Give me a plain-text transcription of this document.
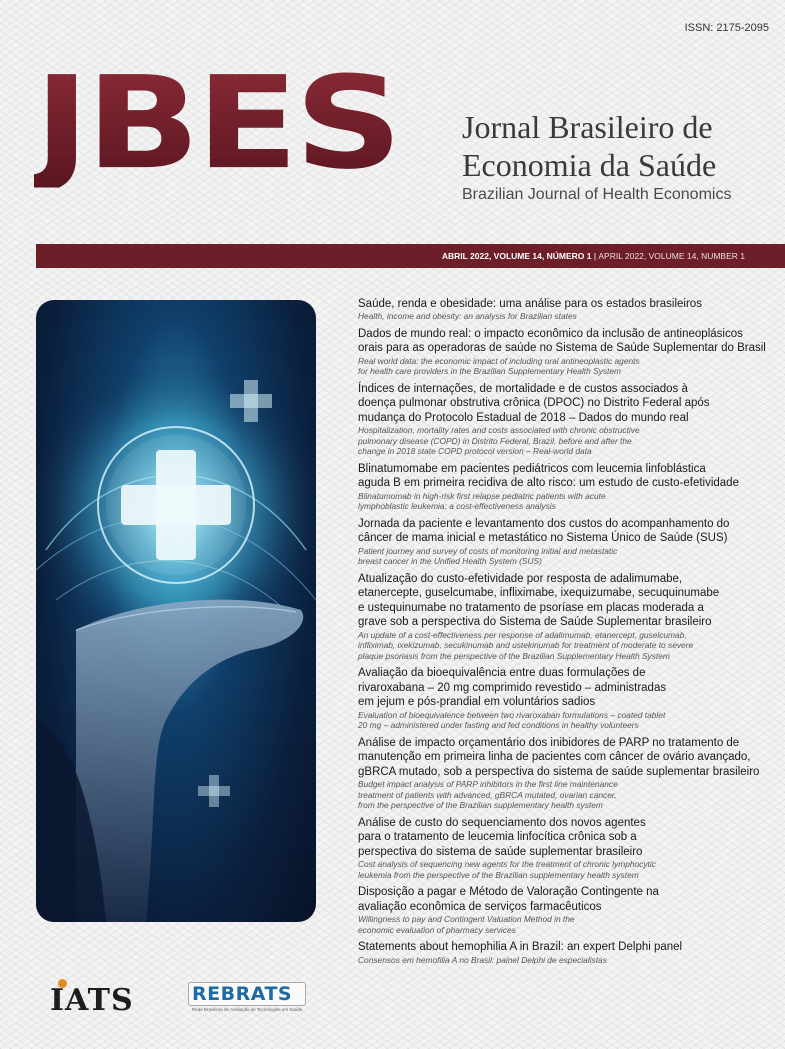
ISSN: 2175-2095
JBES Jornal Brasileiro de
Economia da Saúde
Brazilian Journal of Health Economics
ABRIL 2022, VOLUME 14, NÚMERO 1 | APRIL 2022, VOLUME 14, NUMBER 1
Saúde, renda e obesidade: uma análise para os estados brasileiros
Health, income and obesity: an analysis for Brazilian states
Dados de mundo real: o impacto econômico da inclusão de antineoplásicos
orais para as operadoras de saúde no Sistema de Saúde Suplementar do Brasil
Real world data: the economic impact of including oral antineoplastic agents
for health care providers in the Brazilian Supplementary Health System
Índices de internações, de mortalidade e de custos associados à
doença pulmonar obstrutiva crônica (DPOC) no Distrito Federal após
mudança do Protocolo Estadual de 2018 – Dados do mundo real
Hospitalization, mortality rates and costs associated with chronic obstructive
pulmonary disease (COPD) in Distrito Federal, Brazil, before and after the
change in 2018 state COPD protocol version – Real-world data
Blinatumomabe em pacientes pediátricos com leucemia linfoblástica
aguda B em primeira recidiva de alto risco: um estudo de custo-efetividade
Blinatumomab in high-risk first relapse pediatric patients with acute
lymphoblastic leukemia: a cost-effectiveness analysis
Jornada da paciente e levantamento dos custos do acompanhamento do
câncer de mama inicial e metastático no Sistema Único de Saúde (SUS)
Patient journey and survey of costs of monitoring initial and metastatic
breast cancer in the Unified Health System (SUS)
Atualização do custo-efetividade por resposta de adalimumabe,
etanercepte, guselcumabe, infliximabe, ixequizumabe, secuquinumabe
e ustequinumabe no tratamento de psoríase em placas moderada a
grave sob a perspectiva do Sistema de Saúde Suplementar brasileiro
An update of a cost-effectiveness per response of adalimumab, etanercept, guselcumab,
infliximab, ixekizumab, secukinumab and ustekinumab for treatment of moderate to severe
plaque psoriasis from the perspective of the Brazilian Supplementary Health System
Avaliação da bioequivalência entre duas formulações de
rivaroxabana – 20 mg comprimido revestido – administradas
em jejum e pós-prandial em voluntários sadios
Evaluation of bioequivalence between two rivaroxaban formulations – coated tablet
20 mg – administered under fasting and fed conditions in healthy volunteers
Análise de impacto orçamentário dos inibidores de PARP no tratamento de
manutenção em primeira linha de pacientes com câncer de ovário avançado,
gBRCA mutado, sob a perspectiva do sistema de saúde suplementar brasileiro
Budget impact analysis of PARP inhibitors in the first line maintenance
treatment of patients with advanced, gBRCA mutated, ovarian cancer,
from the perspective of the Brazilian supplementary health system
Análise de custo do sequenciamento dos novos agentes
para o tratamento de leucemia linfocítica crônica sob a
perspectiva do sistema de saúde suplementar brasileiro
Cost analysis of sequencing new agents for the treatment of chronic lymphocytic
leukemia from the perspective of the Brazilian supplementary health system
Disposição a pagar e Método de Valoração Contingente na
avaliação econômica de serviços farmacêuticos
Willingness to pay and Contingent Valuation Method in the
economic evaluation of pharmacy services
Statements about hemophilia A in Brazil: an expert Delphi panel
Consensos em hemofilia A no Brasil: painel Delphi de especialistas
IATS	REBRATS
Rede Brasileira de Avaliação de Tecnologias em Saúde
